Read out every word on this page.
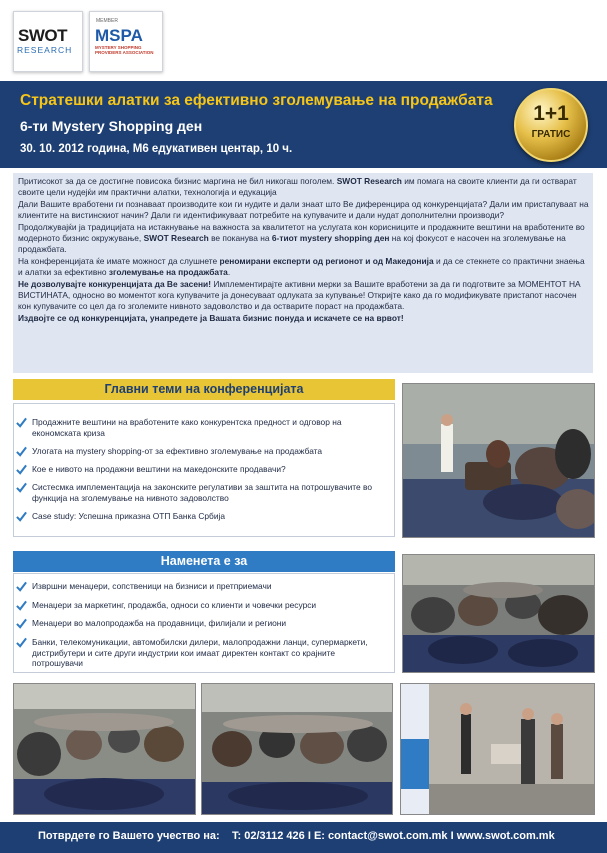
SWOT
RESEARCH
MEMBER
MSPA
MYSTERY SHOPPING PROVIDERS ASSOCIATION
Стратешки алатки за ефективно зголемување на продажбата
6-ти Mystery Shopping ден
30. 10. 2012 година, М6 едукативен центар, 10 ч.
1+1
ГРАТИС

Притисокот за да се достигне повисока бизнис маргина не бил никогаш поголем. SWOT Research им помага на своите клиенти да ги остварат своите цели нудејќи им практични алатки, технологија и едукација

Дали Вашите вработени ги познаваат производите кои ги нудите и дали знаат што Ве диференцира од конкуренцијата? Дали им пристапуваат на клиентите на вистинскиот начин? Дали ги идентификуваат потребите на купувачите и дали нудат дополнителни производи?

Продолжувајќи ја традицијата на истакнување на важноста за квалитетот на услугата кон корисниците и продажните вештини на вработените во модерното бизнис окружување, SWOT Research ве поканува на 6-тиот mystery shopping ден на кој фокусот е насочен на зголемување на продажбата.

На конференцијата ќе имате можност да слушнете реномирани експерти од регионот и од Македонија и да се стекнете со практични знаења и алатки за ефективно зголемување на продажбата.

Не дозволувајте конкуренцијата да Ве засени! Имплементирајте активни мерки за Вашите вработени за да ги подготвите за МОМЕНТОТ НА ВИСТИНАТА, односно во моментот кога купувачите ја донесуваат одлуката за купување! Откријте како да го модификувате пристапот насочен кон купувачите со цел да го зголемите нивното задоволство и да остварите пораст на продажбата.

Издвојте се од конкуренцијата, унапредете ја Вашата бизнис понуда и искачете се на врвот!

Главни теми на конференцијата
Продажните вештини на вработените како конкурентска предност и одговор на економската криза
Улогата на mystery shopping-от за ефективно зголемување на продажбата
Кое е нивото на продажни вештини на македонските продавачи?
Систесмка имплементација на законските регулативи за заштита на потрошувачите во функција на зголемување на нивното задоволство
Case study: Успешна приказна ОТП Банка Србија
Наменета е за
Извршни менаџери, сопственици на бизниси и претприемачи
Менаџери за маркетинг, продажба, односи со клиенти и човечки ресурси
Менаџери во малопродажба на продавници, филијали и региони
Банки, телекомуникации, автомобилски дилери, малопродажни ланци, супермаркети, дистрибутери и сите други индустрии кои имаат директен контакт со крајните потрошувачи
Потврдете го Вашето учество на: T: 02/3112 426 I E: contact@swot.com.mk I www.swot.com.mk
